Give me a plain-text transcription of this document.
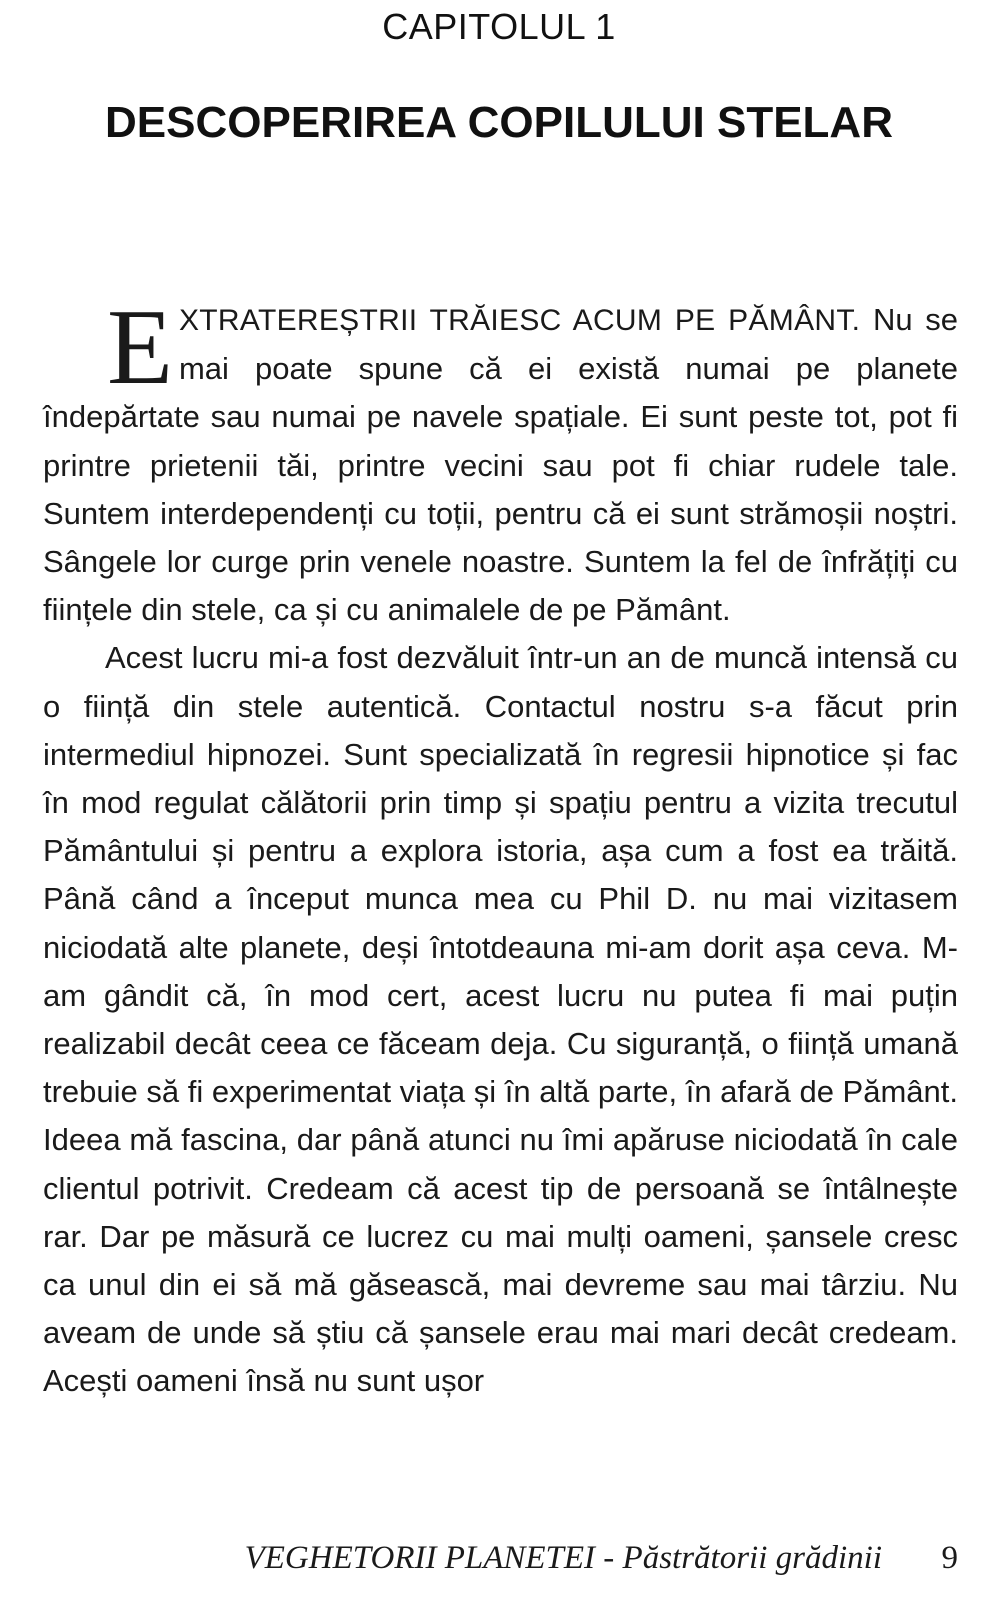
CAPITOLUL 1
DESCOPERIREA COPILULUI STELAR

EXTRATEREȘTRII TRĂIESC ACUM PE PĂMÂNT. Nu se mai poate spune că ei există numai pe planete îndepărtate sau numai pe navele spațiale. Ei sunt peste tot, pot fi printre prietenii tăi, printre vecini sau pot fi chiar rudele tale. Suntem interdependenți cu toții, pentru că ei sunt strămoșii noștri. Sângele lor curge prin venele noastre. Suntem la fel de înfrățiți cu ființele din stele, ca și cu animalele de pe Pământ.

Acest lucru mi-a fost dezvăluit într-un an de muncă intensă cu o ființă din stele autentică. Contactul nostru s-a făcut prin intermediul hipnozei. Sunt specializată în regresii hipnotice și fac în mod regulat călătorii prin timp și spațiu pentru a vizita trecutul Pământului și pentru a explora istoria, așa cum a fost ea trăită. Până când a început munca mea cu Phil D. nu mai vizitasem niciodată alte planete, deși întotdeauna mi-am dorit așa ceva. M-am gândit că, în mod cert, acest lucru nu putea fi mai puțin realizabil decât ceea ce făceam deja. Cu siguranță, o ființă umană trebuie să fi experimentat viața și în altă parte, în afară de Pământ. Ideea mă fascina, dar până atunci nu îmi apăruse niciodată în cale clientul potrivit. Credeam că acest tip de persoană se întâlnește rar. Dar pe măsură ce lucrez cu mai mulți oameni, șansele cresc ca unul din ei să mă găsească, mai devreme sau mai târziu. Nu aveam de unde să știu că șansele erau mai mari decât credeam. Acești oameni însă nu sunt ușor

VEGHETORII PLANETEI - Păstrătorii grădinii 9
